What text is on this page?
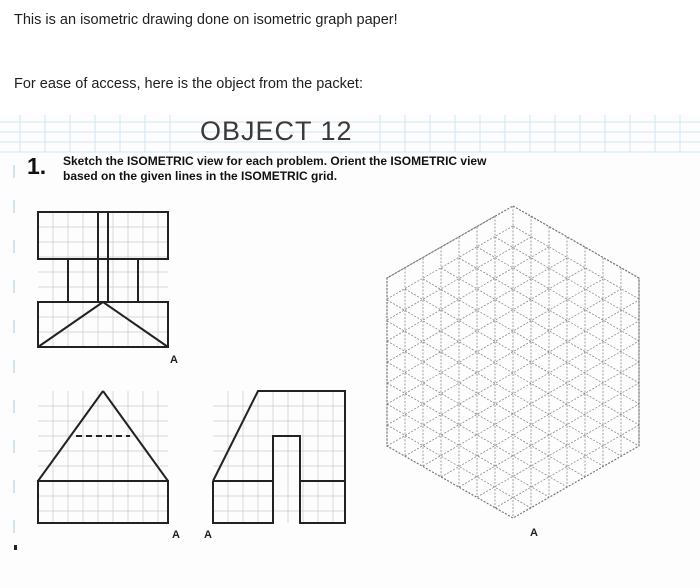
This is an isometric drawing done on isometric graph paper!

For ease of access, here is the object from the packet:

OBJECT 12

1. Sketch the ISOMETRIC view for each problem. Orient the ISOMETRIC view based on the given lines in the ISOMETRIC grid.

A

A A	A
